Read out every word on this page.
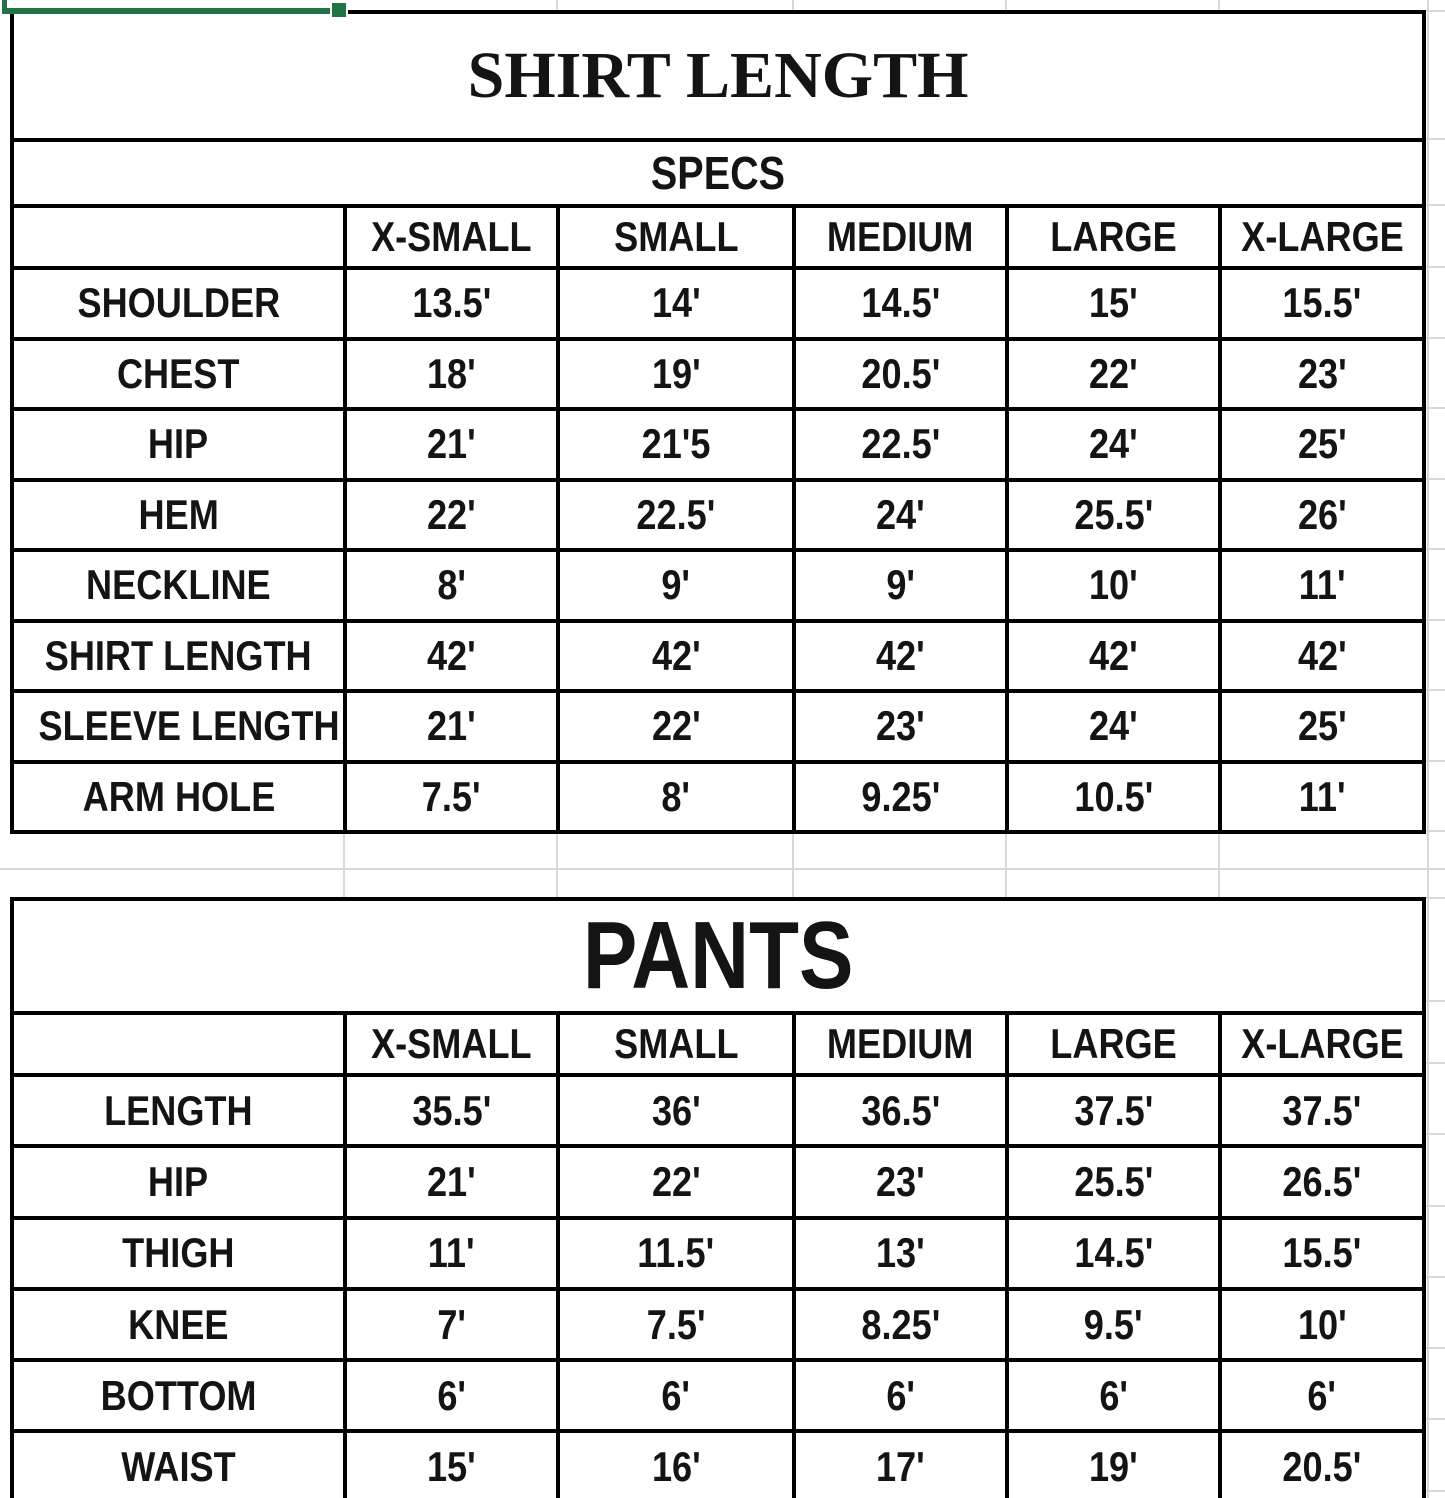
SHIRT LENGTH					
SPECS					
	X-SMALL	SMALL	MEDIUM	LARGE	X-LARGE
SHOULDER	13.5'	14'	14.5'	15'	15.5'
CHEST	18'	19'	20.5'	22'	23'
HIP	21'	21'5	22.5'	24'	25'
HEM	22'	22.5'	24'	25.5'	26'
NECKLINE	8'	9'	9'	10'	11'
SHIRT LENGTH	42'	42'	42'	42'	42'
SLEEVE LENGTH	21'	22'	23'	24'	25'
ARM HOLE	7.5'	8'	9.25'	10.5'	11'
PANTS					
	X-SMALL	SMALL	MEDIUM	LARGE	X-LARGE
LENGTH	35.5'	36'	36.5'	37.5'	37.5'
HIP	21'	22'	23'	25.5'	26.5'
THIGH	11'	11.5'	13'	14.5'	15.5'
KNEE	7'	7.5'	8.25'	9.5'	10'
BOTTOM	6'	6'	6'	6'	6'
WAIST	15'	16'	17'	19'	20.5'
